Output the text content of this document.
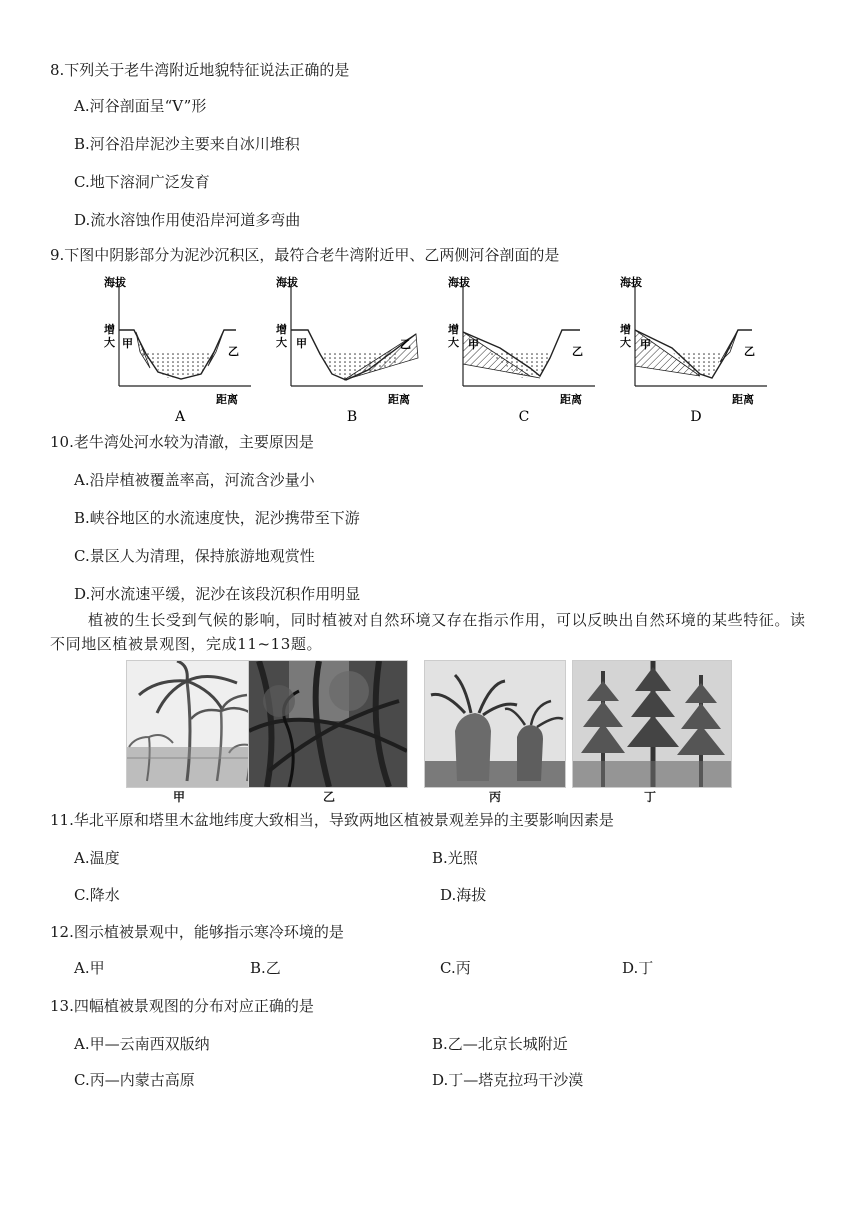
8.下列关于老牛湾附近地貌特征说法正确的是
A.河谷剖面呈“V”形
B.河谷沿岸泥沙主要来自冰川堆积
C.地下溶洞广泛发育
D.流水溶蚀作用使沿岸河道多弯曲
9.下图中阴影部分为泥沙沉积区，最符合老牛湾附近甲、乙两侧河谷剖面的是
海拔
增
大
距离
甲
乙
A
海拔
增
大
距离
甲	乙
B
海拔
增
大
距离
甲
乙
C
海拔
增
大
距离
甲
乙
D
10.老牛湾处河水较为清澈，主要原因是
A.沿岸植被覆盖率高，河流含沙量小
B.峡谷地区的水流速度快，泥沙携带至下游
C.景区人为清理，保持旅游地观赏性
D.河水流速平缓，泥沙在该段沉积作用明显
植被的生长受到气候的影响，同时植被对自然环境又存在指示作用，可以反映出自然环境的某些特征。读不同地区植被景观图，完成11~13题。
甲	乙	丙	丁
11.华北平原和塔里木盆地纬度大致相当，导致两地区植被景观差异的主要影响因素是
A.温度	B.光照
C.降水	D.海拔
12.图示植被景观中，能够指示寒冷环境的是
A.甲	B.乙	C.丙	D.丁
13.四幅植被景观图的分布对应正确的是
A.甲—云南西双版纳	B.乙—北京长城附近
C.丙—内蒙古高原	D.丁—塔克拉玛干沙漠
